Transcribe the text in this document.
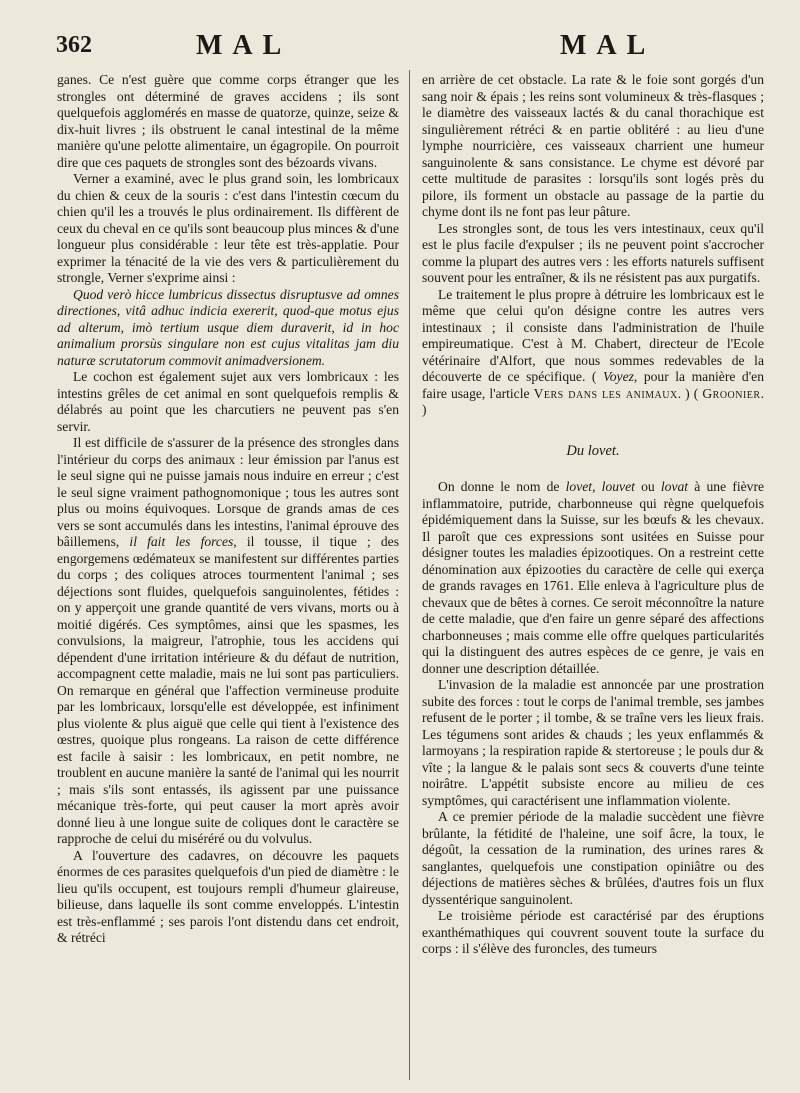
362	MAL	MAL

ganes. Ce n'est guère que comme corps étranger que les strongles ont déterminé de graves accidens ; ils sont quelquefois agglomérés en masse de quatorze, quinze, seize & dix-huit livres ; ils obstruent le canal intestinal de la même manière qu'une pelotte alimentaire, un égagropile. On pourroit dire que ces paquets de strongles sont des bézoards vivans.

Verner a examiné, avec le plus grand soin, les lombricaux du chien & ceux de la souris : c'est dans l'intestin cœcum du chien qu'il les a trouvés le plus ordinairement. Ils diffèrent de ceux du cheval en ce qu'ils sont beaucoup plus minces & d'une longueur plus considérable : leur tête est très-applatie. Pour exprimer la ténacité de la vie des vers & particulièrement du strongle, Verner s'exprime ainsi :

Quod verò hicce lumbricus dissectus disruptusve ad omnes directiones, vitâ adhuc indicia exererit, quod-que motus ejus ad alterum, imò tertium usque diem duraverit, id in hoc animalium prorsùs singulare non est cujus vitalitas jam diu naturæ scrutatorum commovit animadversionem.

Le cochon est également sujet aux vers lombricaux : les intestins grêles de cet animal en sont quelquefois remplis & délabrés au point que les charcutiers ne peuvent pas s'en servir.

Il est difficile de s'assurer de la présence des strongles dans l'intérieur du corps des animaux : leur émission par l'anus est le seul signe qui ne puisse jamais nous induire en erreur ; c'est le seul signe vraiment pathognomonique ; tous les autres sont plus ou moins équivoques. Lorsque de grands amas de ces vers se sont accumulés dans les intestins, l'animal éprouve des bâillemens, il fait les forces, il tousse, il tique ; des engorgemens œdémateux se manifestent sur différentes parties du corps ; des coliques atroces tourmentent l'animal ; ses déjections sont fluides, quelquefois sanguinolentes, fétides : on y apperçoit une grande quantité de vers vivans, morts ou à moitié digérés. Ces symptômes, ainsi que les spasmes, les convulsions, la maigreur, l'atrophie, tous les accidens qui dépendent d'une irritation intérieure & du défaut de nutrition, accompagnent cette maladie, mais ne lui sont pas particuliers. On remarque en général que l'affection vermineuse produite par les lombricaux, lorsqu'elle est développée, est infiniment plus violente & plus aiguë que celle qui tient à l'existence des œstres, quoique plus rongeans. La raison de cette différence est facile à saisir : les lombricaux, en petit nombre, ne troublent en aucune manière la santé de l'animal qui les nourrit ; mais s'ils sont entassés, ils agissent par une puissance mécanique très-forte, qui peut causer la mort après avoir donné lieu à une longue suite de coliques dont le caractère se rapproche de celui du miséréré ou du volvulus.

A l'ouverture des cadavres, on découvre les paquets énormes de ces parasites quelquefois d'un pied de diamètre : le lieu qu'ils occupent, est toujours rempli d'humeur glaireuse, bilieuse, dans laquelle ils sont comme enveloppés. L'intestin est très-enflammé ; ses parois l'ont distendu dans cet endroit, & rétréci

en arrière de cet obstacle. La rate & le foie sont gorgés d'un sang noir & épais ; les reins sont volumineux & très-flasques ; le diamètre des vaisseaux lactés & du canal thorachique est singulièrement rétréci & en partie oblitéré : au lieu d'une lymphe nourricière, ces vaisseaux charrient une humeur sanguinolente & sans consistance. Le chyme est dévoré par cette multitude de parasites : lorsqu'ils sont logés près du pilore, ils forment un obstacle au passage de la partie du chyme dont ils ne font pas leur pâture.

Les strongles sont, de tous les vers intestinaux, ceux qu'il est le plus facile d'expulser ; ils ne peuvent point s'accrocher comme la plupart des autres vers : les efforts naturels suffisent souvent pour les entraîner, & ils ne résistent pas aux purgatifs.

Le traitement le plus propre à détruire les lombricaux est le même que celui qu'on désigne contre les autres vers intestinaux ; il consiste dans l'administration de l'huile empireumatique. C'est à M. Chabert, directeur de l'Ecole vétérinaire d'Alfort, que nous sommes redevables de la découverte de ce spécifique. ( Voyez, pour la manière d'en faire usage, l'article Vers dans les animaux. ) ( Groonier. )

Du lovet.

On donne le nom de lovet, louvet ou lovat à une fièvre inflammatoire, putride, charbonneuse qui règne quelquefois épidémiquement dans la Suisse, sur les bœufs & les chevaux. Il paroît que ces expressions sont usitées en Suisse pour désigner toutes les maladies épizootiques. On a restreint cette dénomination aux épizooties du caractère de celle qui exerça de grands ravages en 1761. Elle enleva à l'agriculture plus de chevaux que de bêtes à cornes. Ce seroit méconnoître la nature de cette maladie, que d'en faire un genre séparé des affections charbonneuses ; mais comme elle offre quelques particularités qui la distinguent des autres espèces de ce genre, je vais en donner une description détaillée.

L'invasion de la maladie est annoncée par une prostration subite des forces : tout le corps de l'animal tremble, ses jambes refusent de le porter ; il tombe, & se traîne vers les lieux frais. Les tégumens sont arides & chauds ; les yeux enflammés & larmoyans ; la respiration rapide & stertoreuse ; le pouls dur & vîte ; la langue & le palais sont secs & couverts d'une teinte noirâtre. L'appétit subsiste encore au milieu de ces symptômes, qui caractérisent une inflammation violente.

A ce premier période de la maladie succèdent une fièvre brûlante, la fétidité de l'haleine, une soif âcre, la toux, le dégoût, la cessation de la rumination, des urines rares & sanglantes, quelquefois une constipation opiniâtre ou des déjections de matières sèches & brûlées, d'autres fois un flux dyssentérique sanguinolent.

Le troisième période est caractérisé par des éruptions exanthémathiques qui couvrent souvent toute la surface du corps : il s'élève des furoncles, des tumeurs
